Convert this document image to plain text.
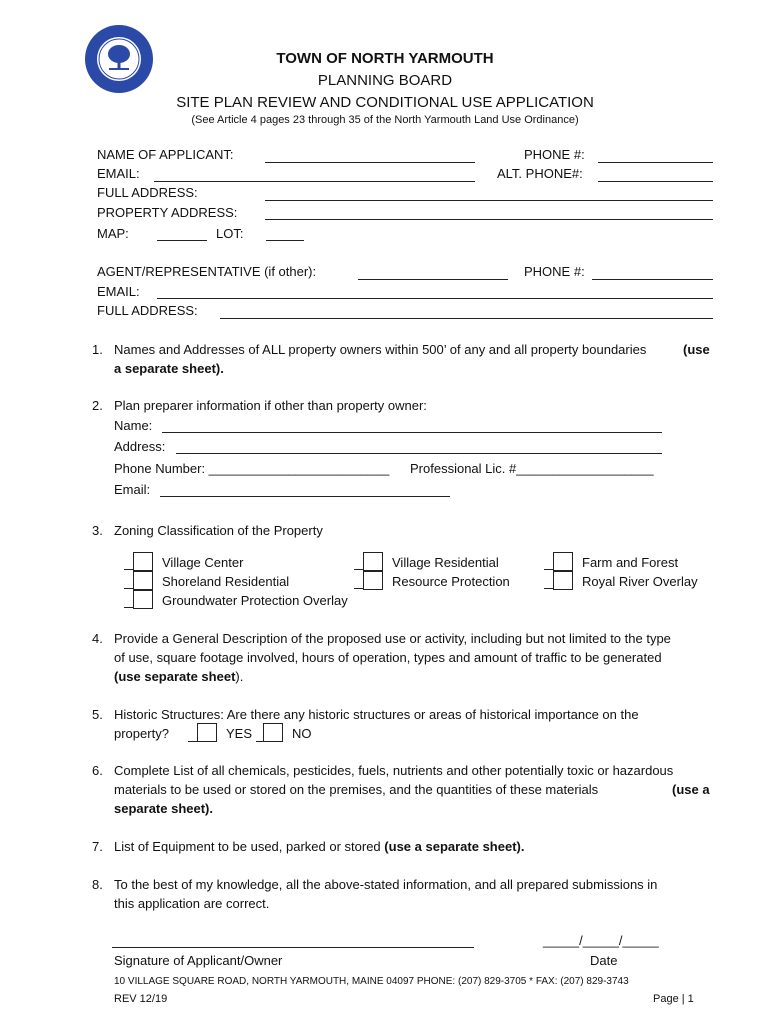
TOWN OF NORTH YARMOUTH
PLANNING BOARD
SITE PLAN REVIEW AND CONDITIONAL USE APPLICATION
(See Article 4 pages 23 through 35 of the North Yarmouth Land Use Ordinance)
NAME OF APPLICANT:	PHONE #:
EMAIL:	ALT. PHONE#:
FULL ADDRESS:
PROPERTY ADDRESS:
MAP:	LOT:
AGENT/REPRESENTATIVE (if other):	PHONE #:
EMAIL:
FULL ADDRESS:
1. Names and Addresses of ALL property owners within 500’ of any and all property boundaries	(use
a separate sheet).
2. Plan preparer information if other than property owner:
Name:
Address:
Phone Number: _________________________ Professional Lic. #___________________
Email:
3. Zoning Classification of the Property
Village Center	Village Residential	Farm and Forest
Shoreland Residential	Resource Protection	Royal River Overlay
Groundwater Protection Overlay
4. Provide a General Description of the proposed use or activity, including but not limited to the type
of use, square footage involved, hours of operation, types and amount of traffic to be generated
(use separate sheet).
5. Historic Structures: Are there any historic structures or areas of historical importance on the
property?	YES	NO
6. Complete List of all chemicals, pesticides, fuels, nutrients and other potentially toxic or hazardous
materials to be used or stored on the premises, and the quantities of these materials	(use a
separate sheet).
7. List of Equipment to be used, parked or stored (use a separate sheet).
8. To the best of my knowledge, all the above-stated information, and all prepared submissions in
this application are correct.
_____/_____/_____
Signature of Applicant/Owner	Date
10 VILLAGE SQUARE ROAD, NORTH YARMOUTH, MAINE 04097 PHONE: (207) 829-3705 * FAX: (207) 829-3743
REV 12/19	Page | 1
